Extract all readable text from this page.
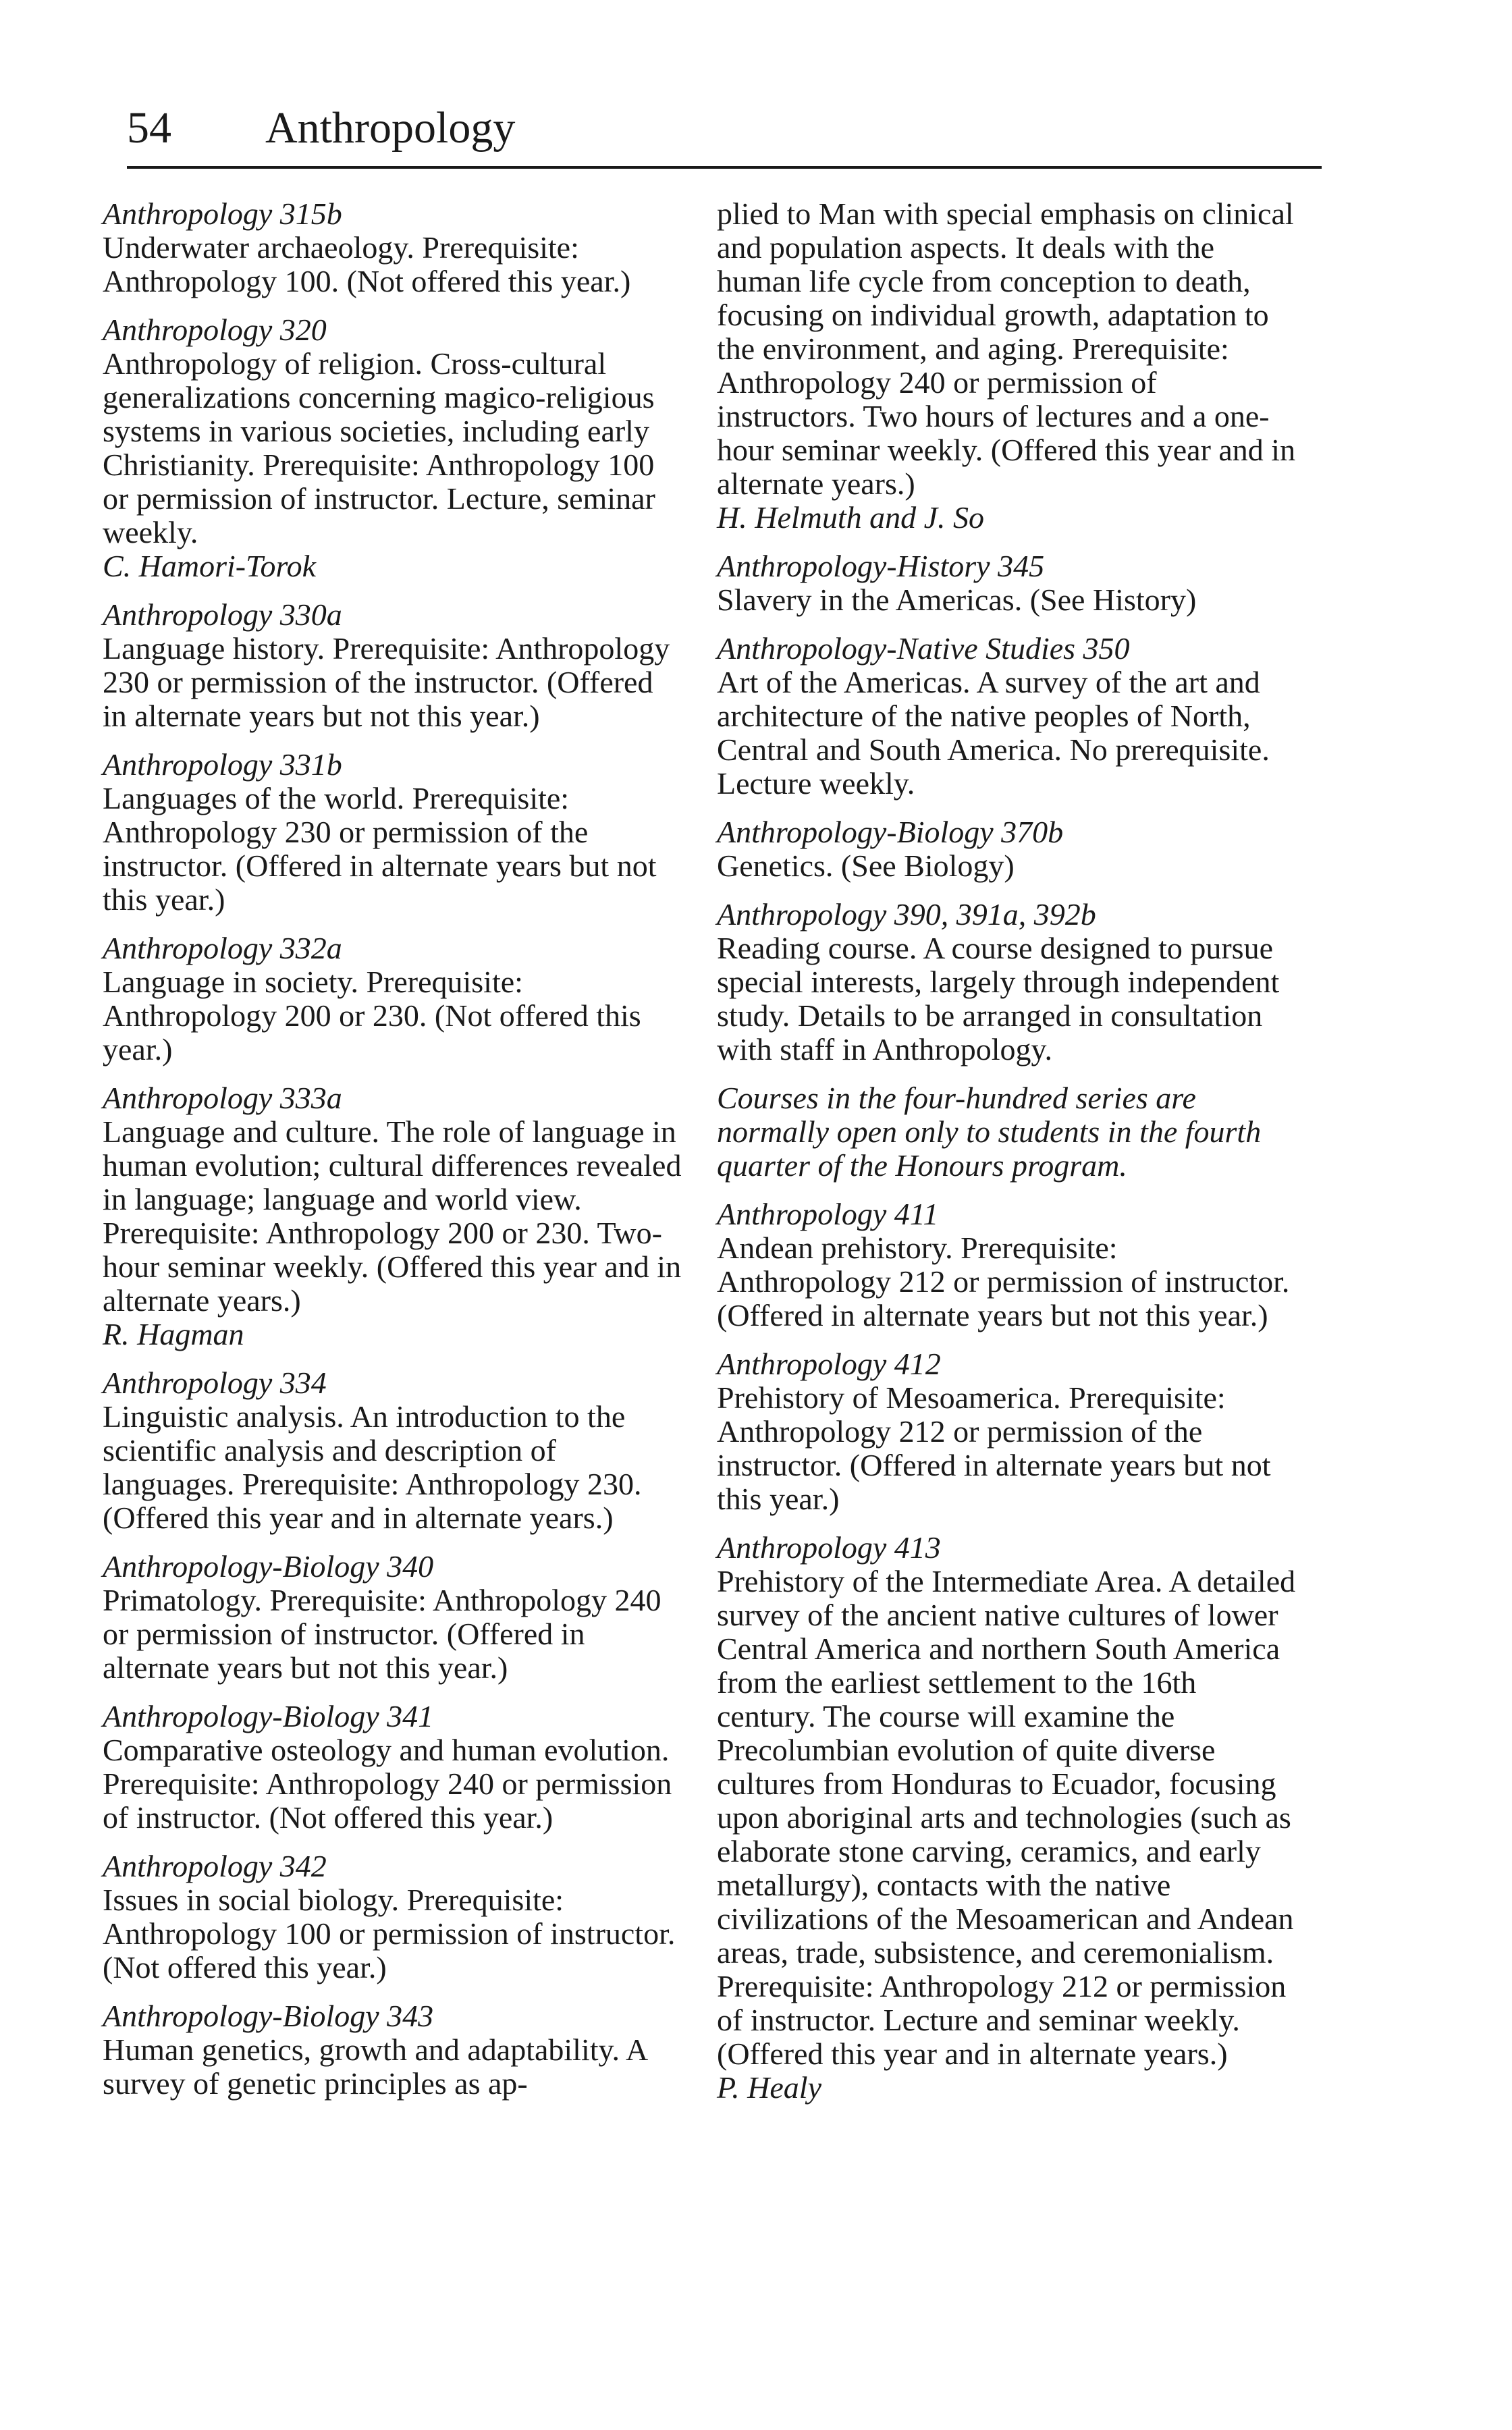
54 Anthropology
Anthropology 315b
Underwater archaeology. Prerequisite: Anthropology 100. (Not offered this year.)
Anthropology 320
Anthropology of religion. Cross-cultural generalizations concerning magico-religious systems in various societies, including early Christianity. Prerequisite: Anthropology 100 or permission of instructor. Lecture, seminar weekly.
C. Hamori-Torok
Anthropology 330a
Language history. Prerequisite: Anthropology 230 or permission of the instructor. (Offered in alternate years but not this year.)
Anthropology 331b
Languages of the world. Prerequisite: Anthropology 230 or permission of the instructor. (Offered in alternate years but not this year.)
Anthropology 332a
Language in society. Prerequisite: Anthropology 200 or 230. (Not offered this year.)
Anthropology 333a
Language and culture. The role of language in human evolution; cultural differences revealed in language; language and world view. Prerequisite: Anthropology 200 or 230. Two-hour seminar weekly. (Offered this year and in alternate years.)
R. Hagman
Anthropology 334
Linguistic analysis. An introduction to the scientific analysis and description of languages. Prerequisite: Anthropology 230. (Offered this year and in alternate years.)
Anthropology-Biology 340
Primatology. Prerequisite: Anthropology 240 or permission of instructor. (Offered in alternate years but not this year.)
Anthropology-Biology 341
Comparative osteology and human evolution. Prerequisite: Anthropology 240 or permission of instructor. (Not offered this year.)
Anthropology 342
Issues in social biology. Prerequisite: Anthropology 100 or permission of instructor. (Not offered this year.)
Anthropology-Biology 343
Human genetics, growth and adaptability. A survey of genetic principles as ap-
plied to Man with special emphasis on clinical and population aspects. It deals with the human life cycle from conception to death, focusing on individual growth, adaptation to the environment, and aging. Prerequisite: Anthropology 240 or permission of instructors. Two hours of lectures and a one-hour seminar weekly. (Offered this year and in alternate years.)
H. Helmuth and J. So
Anthropology-History 345
Slavery in the Americas. (See History)
Anthropology-Native Studies 350
Art of the Americas. A survey of the art and architecture of the native peoples of North, Central and South America. No prerequisite. Lecture weekly.
Anthropology-Biology 370b
Genetics. (See Biology)
Anthropology 390, 391a, 392b
Reading course. A course designed to pursue special interests, largely through independent study. Details to be arranged in consultation with staff in Anthropology.
Courses in the four-hundred series are normally open only to students in the fourth quarter of the Honours program.
Anthropology 411
Andean prehistory. Prerequisite: Anthropology 212 or permission of instructor. (Offered in alternate years but not this year.)
Anthropology 412
Prehistory of Mesoamerica. Prerequisite: Anthropology 212 or permission of the instructor. (Offered in alternate years but not this year.)
Anthropology 413
Prehistory of the Intermediate Area. A detailed survey of the ancient native cultures of lower Central America and northern South America from the earliest settlement to the 16th century. The course will examine the Precolumbian evolution of quite diverse cultures from Honduras to Ecuador, focusing upon aboriginal arts and technologies (such as elaborate stone carving, ceramics, and early metallurgy), contacts with the native civilizations of the Mesoamerican and Andean areas, trade, subsistence, and ceremonialism. Prerequisite: Anthropology 212 or permission of instructor. Lecture and seminar weekly. (Offered this year and in alternate years.)
P. Healy
